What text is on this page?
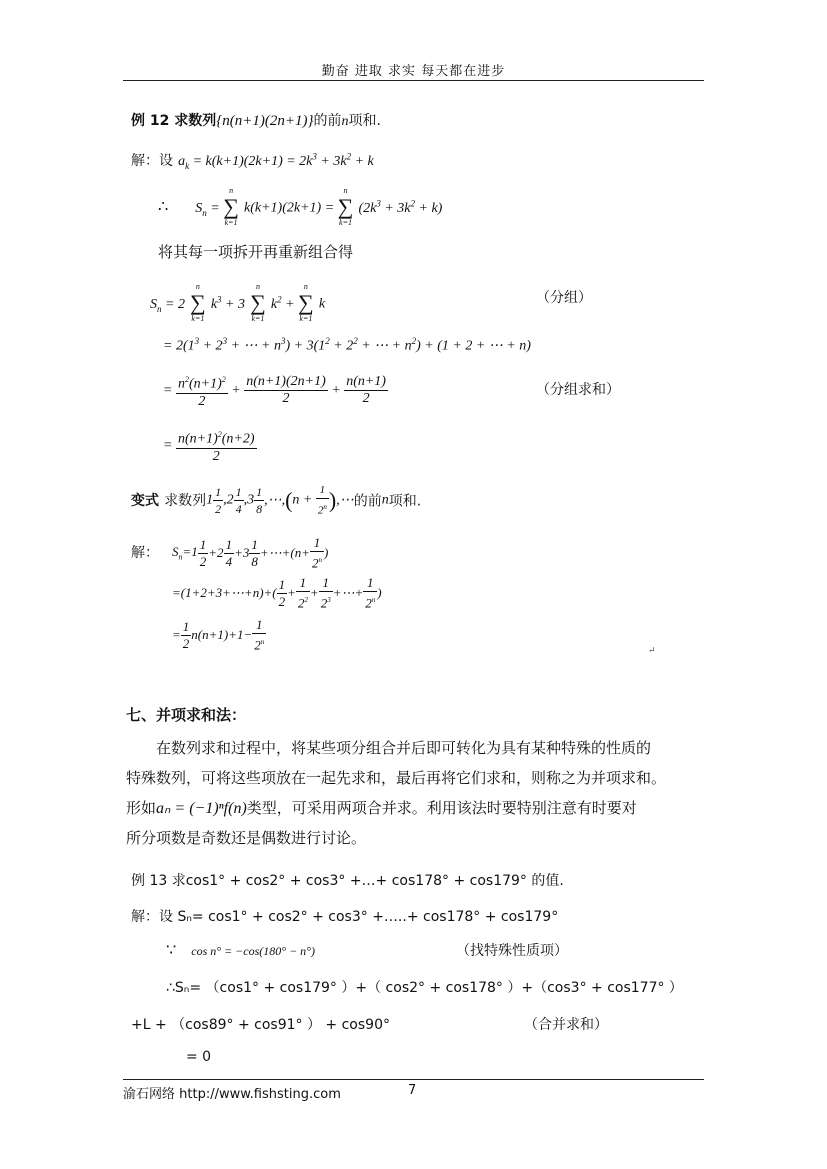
勤奋 进取 求实 每天都在进步
例 12 求数列{n(n+1)(2n+1)}的前n项和.
解：设 $a_k = k(k+1)(2k+1) = 2k^3 + 3k^2 + k$
∴ $S_n$ =
n
∑
k=1
k(k+1)(2k+1) =
n
∑
k=1
$(2k^3 + 3k^2 + k)$
将其每一项拆开再重新组合得
$S_n = 2$
n
∑
k=1
$k^3 + 3$
n
∑
k=1
$k^2$ +
n
∑
k=1
k	（分组）
= $2(1^3 + 2^3$ + ⋯ + $n^3) + 3(1^2 + 2^2$ + ⋯ + $n^2) + (1 + 2$ + ⋯ + n)
= $\frac{n^2(n+1)^2}{2} + \frac{n(n+1)(2n+1)}{2} + \frac{n(n+1)}{2}$	（分组求和）
= $\frac{n(n+1)^2(n+2)}{2}$
变式 求数列$1 \frac{1}{2} ,2 \frac{1}{4} ,3 \frac{1}{8}$ ,⋯,(n + $\frac{1}{2^n}$ ),⋯的前n项和.
解： $S_n=1 \frac{1}{2} +2 \frac{1}{4} +3 \frac{1}{8}$ +⋯+(n+ $\frac{1}{2^n}$ )
=(1+2+3+⋯+n)+( $\frac{1}{2} + \frac{1}{2^2} + \frac{1}{2^3}$ +⋯+ $\frac{1}{2^n}$ )
= $\frac{1}{2} n(n+1)+1- \frac{1}{2^n}$	↵
七、并项求和法：
在数列求和过程中，将某些项分组合并后即可转化为具有某种特殊的性质的
特殊数列，可将这些项放在一起先求和，最后再将它们求和，则称之为并项求和。
形如aₙ = (−1)ⁿf(n)类型，可采用两项合并求。利用该法时要特别注意有时要对
所分项数是奇数还是偶数进行讨论。
例 13 求cos1° + cos2° + cos3° +…+ cos178° + cos179° 的值.
解：设 Sₙ= cos1° + cos2° + cos3° +…..+ cos178° + cos179°
∵ cos n° = −cos(180° − n°)	（找特殊性质项）
∴Sₙ= （cos1° + cos179° ）+（ cos2° + cos178° ）+（cos3° + cos177° ）
+L + （cos89° + cos91° ） + cos90°	（合并求和）
= 0
渝石网络 http://www.fishsting.com	7
